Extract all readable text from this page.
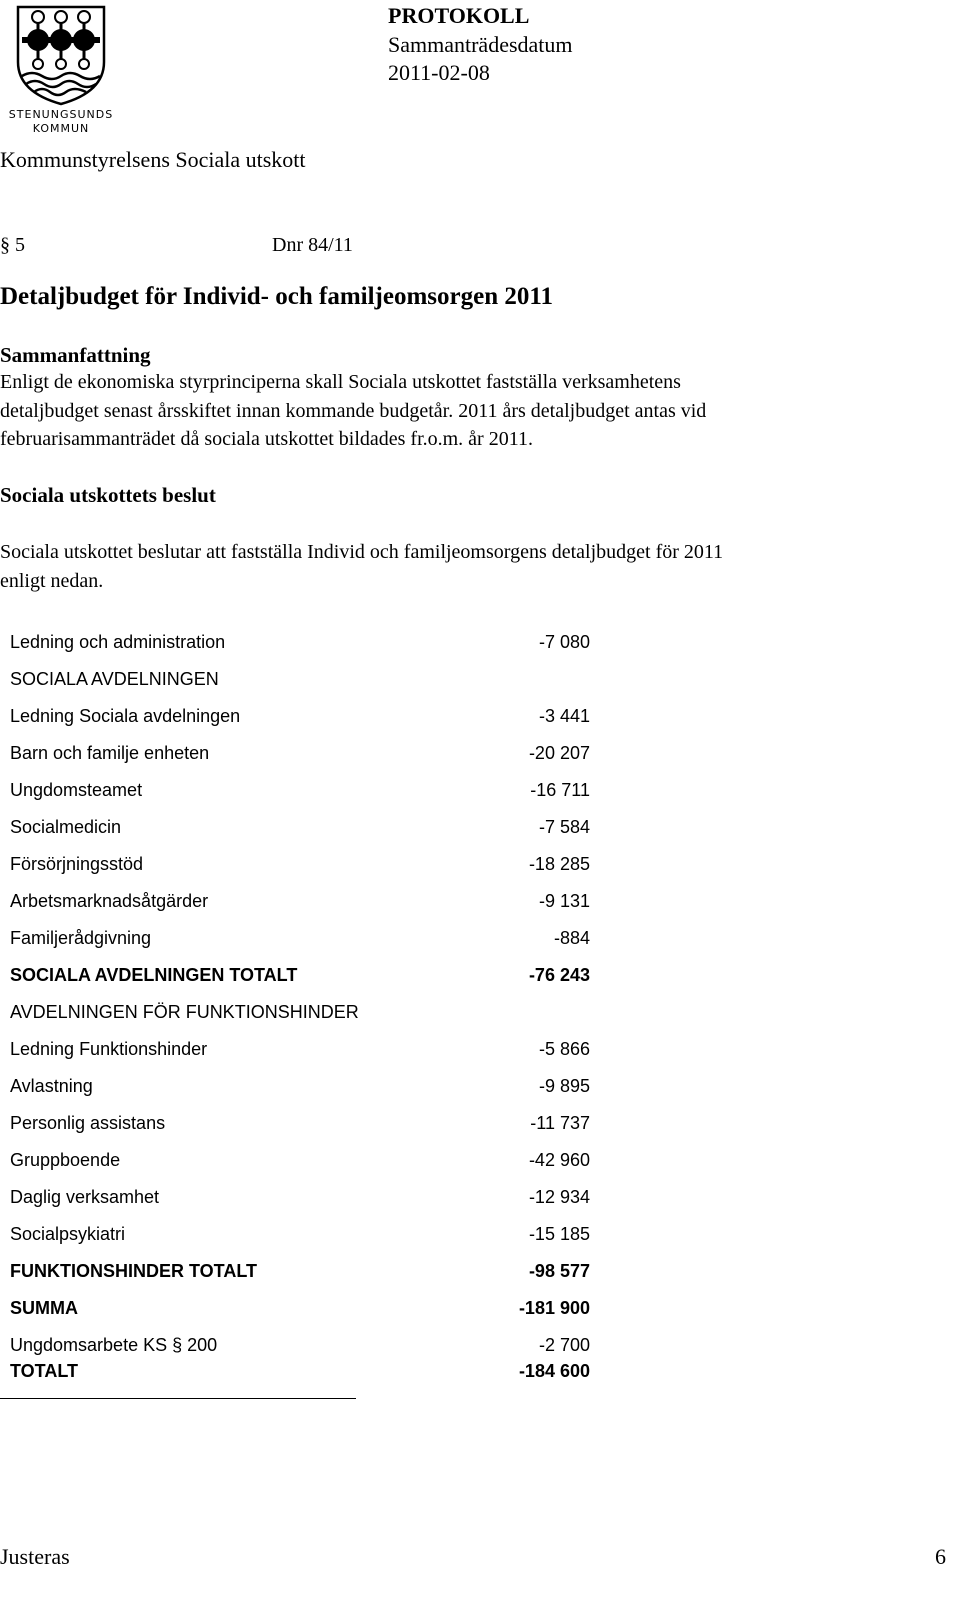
STENUNGSUNDS
KOMMUN
PROTOKOLL
Sammanträdesdatum
2011-02-08
Kommunstyrelsens Sociala utskott
§ 5	Dnr 84/11
Detaljbudget för Individ- och familjeomsorgen 2011
Sammanfattning
Enligt de ekonomiska styrprinciperna skall Sociala utskottet fastställa verksamhetens
detaljbudget senast årsskiftet innan kommande budgetår. 2011 års detaljbudget antas vid
februarisammanträdet då sociala utskottet bildades fr.o.m. år 2011.
Sociala utskottets beslut
Sociala utskottet beslutar att fastställa Individ och familjeomsorgens detaljbudget för 2011
enligt nedan.
Ledning och administration	-7 080
SOCIALA AVDELNINGEN
Ledning Sociala avdelningen	-3 441
Barn och familje enheten	-20 207
Ungdomsteamet	-16 711
Socialmedicin	-7 584
Försörjningsstöd	-18 285
Arbetsmarknadsåtgärder	-9 131
Familjerådgivning	-884
SOCIALA AVDELNINGEN TOTALT	-76 243
AVDELNINGEN FÖR FUNKTIONSHINDER
Ledning Funktionshinder	-5 866
Avlastning	-9 895
Personlig assistans	-11 737
Gruppboende	-42 960
Daglig verksamhet	-12 934
Socialpsykiatri	-15 185
FUNKTIONSHINDER TOTALT	-98 577
SUMMA	-181 900
Ungdomsarbete KS § 200	-2 700
TOTALT	-184 600
Justeras	6
